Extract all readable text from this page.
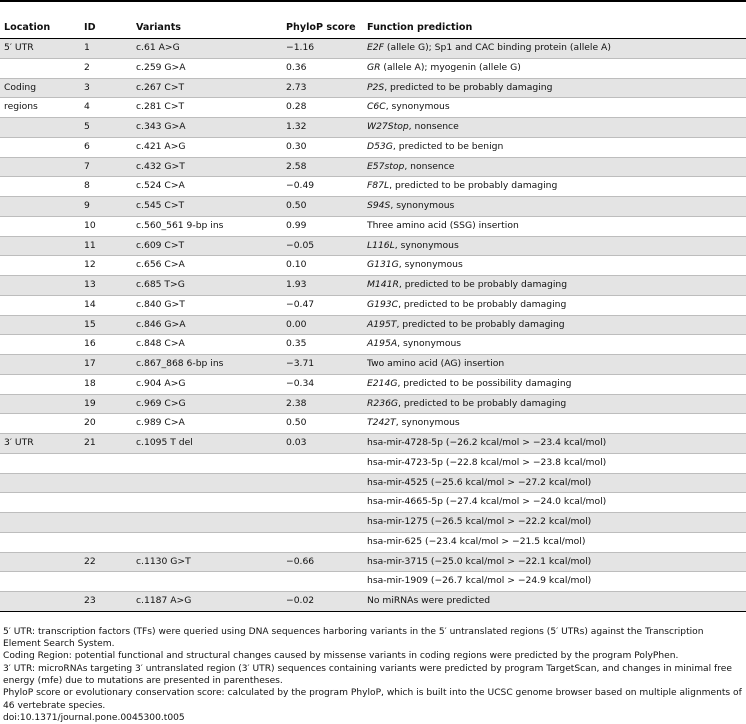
Location	ID	Variants	PhyloP score	Function prediction
5′ UTR	1	c.61 A>G	−1.16	E2F (allele G); Sp1 and CAC binding protein (allele A)
	2	c.259 G>A	0.36	GR (allele A); myogenin (allele G)
Coding	3	c.267 C>T	2.73	P2S, predicted to be probably damaging
regions	4	c.281 C>T	0.28	C6C, synonymous
	5	c.343 G>A	1.32	W27Stop, nonsence
	6	c.421 A>G	0.30	D53G, predicted to be benign
	7	c.432 G>T	2.58	E57stop, nonsence
	8	c.524 C>A	−0.49	F87L, predicted to be probably damaging
	9	c.545 C>T	0.50	S94S, synonymous
	10	c.560_561 9-bp ins	0.99	Three amino acid (SSG) insertion
	11	c.609 C>T	−0.05	L116L, synonymous
	12	c.656 C>A	0.10	G131G, synonymous
	13	c.685 T>G	1.93	M141R, predicted to be probably damaging
	14	c.840 G>T	−0.47	G193C, predicted to be probably damaging
	15	c.846 G>A	0.00	A195T, predicted to be probably damaging
	16	c.848 C>A	0.35	A195A, synonymous
	17	c.867_868 6-bp ins	−3.71	Two amino acid (AG) insertion
	18	c.904 A>G	−0.34	E214G, predicted to be possibility damaging
	19	c.969 C>G	2.38	R236G, predicted to be probably damaging
	20	c.989 C>A	0.50	T242T, synonymous
3′ UTR	21	c.1095 T del	0.03	hsa-mir-4728-5p (−26.2 kcal/mol > −23.4 kcal/mol)
				hsa-mir-4723-5p (−22.8 kcal/mol > −23.8 kcal/mol)
				hsa-mir-4525 (−25.6 kcal/mol > −27.2 kcal/mol)
				hsa-mir-4665-5p (−27.4 kcal/mol > −24.0 kcal/mol)
				hsa-mir-1275 (−26.5 kcal/mol > −22.2 kcal/mol)
				hsa-mir-625 (−23.4 kcal/mol > −21.5 kcal/mol)
	22	c.1130 G>T	−0.66	hsa-mir-3715 (−25.0 kcal/mol > −22.1 kcal/mol)
				hsa-mir-1909 (−26.7 kcal/mol > −24.9 kcal/mol)
	23	c.1187 A>G	−0.02	No miRNAs were predicted

5′ UTR: transcription factors (TFs) were queried using DNA sequences harboring variants in the 5′ untranslated regions (5′ UTRs) against the Transcription Element Search System.

Coding Region: potential functional and structural changes caused by missense variants in coding regions were predicted by the program PolyPhen.

3′ UTR: microRNAs targeting 3′ untranslated region (3′ UTR) sequences containing variants were predicted by program TargetScan, and changes in minimal free energy (mfe) due to mutations are presented in parentheses.

PhyloP score or evolutionary conservation score: calculated by the program PhyloP, which is built into the UCSC genome browser based on multiple alignments of 46 vertebrate species.

doi:10.1371/journal.pone.0045300.t005
